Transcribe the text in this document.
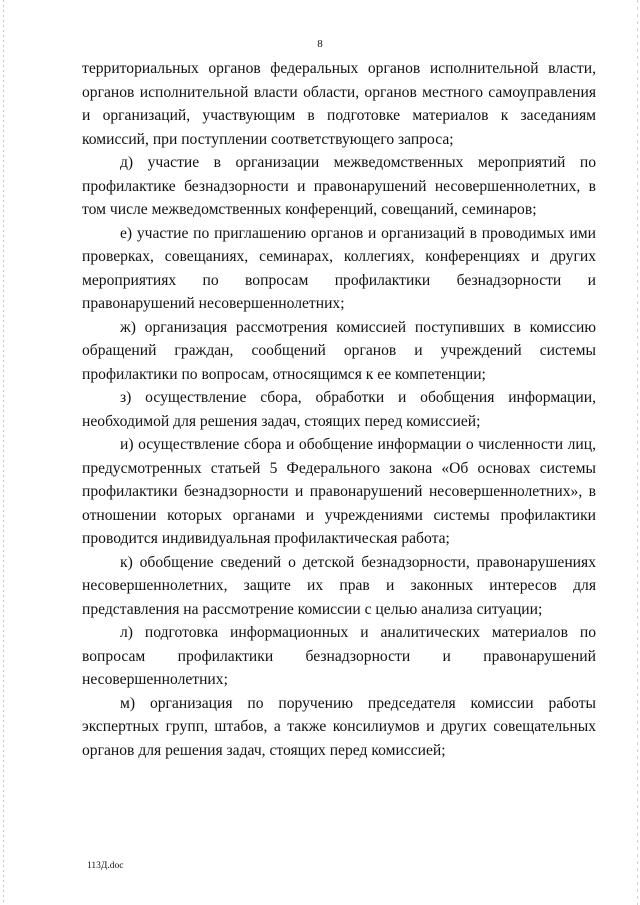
8

территориальных органов федеральных органов исполнительной власти, органов исполнительной власти области, органов местного самоуправления и организаций, участвующим в подготовке материалов к заседаниям комиссий, при поступлении соответствующего запроса;

д) участие в организации межведомственных мероприятий по профилактике безнадзорности и правонарушений несовершеннолетних, в том числе межведомственных конференций, совещаний, семинаров;

е) участие по приглашению органов и организаций в проводимых ими проверках, совещаниях, семинарах, коллегиях, конференциях и других мероприятиях по вопросам профилактики безнадзорности и правонарушений несовершеннолетних;

ж) организация рассмотрения комиссией поступивших в комиссию обращений граждан, сообщений органов и учреждений системы профилактики по вопросам, относящимся к ее компетенции;

з) осуществление сбора, обработки и обобщения информации, необходимой для решения задач, стоящих перед комиссией;

и) осуществление сбора и обобщение информации о численности лиц, предусмотренных статьей 5 Федерального закона «Об основах системы профилактики безнадзорности и правонарушений несовершеннолетних», в отношении которых органами и учреждениями системы профилактики проводится индивидуальная профилактическая работа;

к) обобщение сведений о детской безнадзорности, правонарушениях несовершеннолетних, защите их прав и законных интересов для представления на рассмотрение комиссии с целью анализа ситуации;

л) подготовка информационных и аналитических материалов по вопросам профилактики безнадзорности и правонарушений несовершеннолетних;

м) организация по поручению председателя комиссии работы экспертных групп, штабов, а также консилиумов и других совещательных органов для решения задач, стоящих перед комиссией;

113Д.doc
